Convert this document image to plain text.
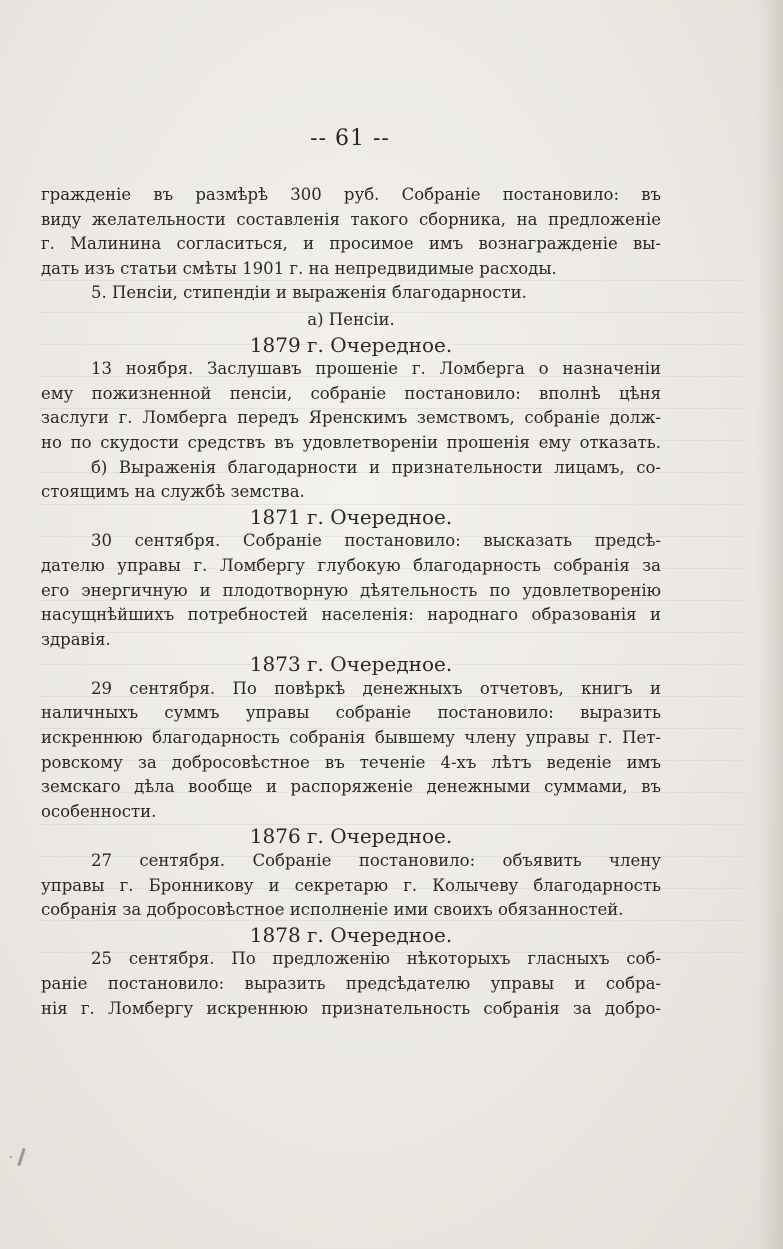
-- 61 --

гражденіе въ размѣрѣ 300 руб. Собраніе постановило: въ
виду желательности составленія такого сборника, на предложеніе
г. Малинина согласиться, и просимое имъ вознагражденіе вы-
дать изъ статьи смѣты 1901 г. на непредвидимые расходы.

5. Пенсіи, стипендіи и выраженія благодарности.

а) Пенсіи.
1879 г. Очередное.

13 ноября. Заслушавъ прошеніе г. Ломберга о назначеніи
ему пожизненной пенсіи, собраніе постановило: вполнѣ цѣня
заслуги г. Ломберга передъ Яренскимъ земствомъ, собраніе долж-
но по скудости средствъ въ удовлетвореніи прошенія ему отказать.

б) Выраженія благодарности и признательности лицамъ, со-
стоящимъ на службѣ земства.

1871 г. Очередное.

30 сентября. Собраніе постановило: высказать предсѣ-
дателю управы г. Ломбергу глубокую благодарность собранія за
его энергичную и плодотворную дѣятельность по удовлетворенію
насущнѣйшихъ потребностей населенія: народнаго образованія и
здравія.

1873 г. Очередное.

29 сентября. По повѣркѣ денежныхъ отчетовъ, книгъ и
наличныхъ суммъ управы собраніе постановило: выразить
искреннюю благодарность собранія бывшему члену управы г. Пет-
ровскому за добросовѣстное въ теченіе 4-хъ лѣтъ веденіе имъ
земскаго дѣла вообще и распоряженіе денежными суммами, въ
особенности.

1876 г. Очередное.

27 сентября. Собраніе постановило: объявить члену
управы г. Бронникову и секретарю г. Колычеву благодарность
собранія за добросовѣстное исполненіе ими своихъ обязанностей.

1878 г. Очередное.

25 сентября. По предложенію нѣкоторыхъ гласныхъ соб-
раніе постановило: выразить предсѣдателю управы и собра-
нія г. Ломбергу искреннюю признательность собранія за добро-
